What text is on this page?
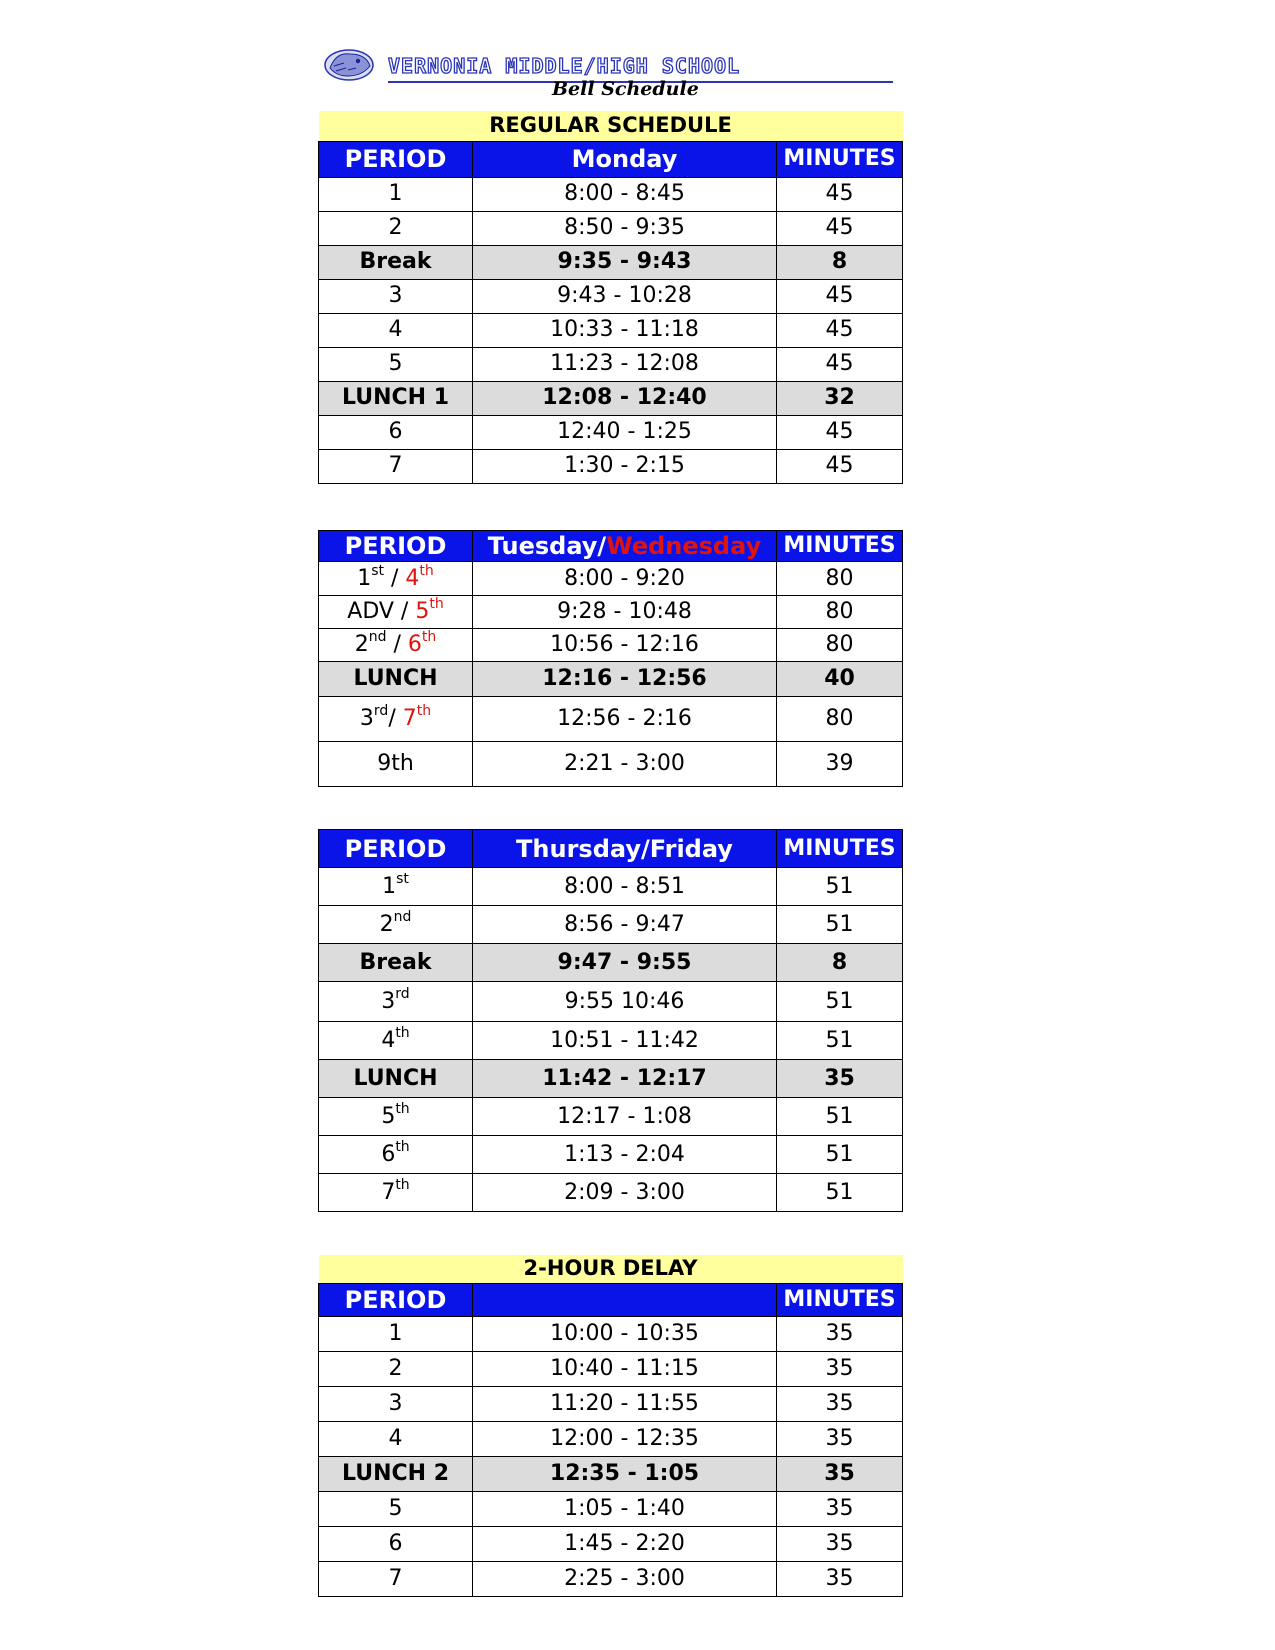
VERNONIA MIDDLE/HIGH SCHOOL
Bell Schedule
REGULAR SCHEDULE		
PERIOD	Monday	MINUTES
1	8:00 - 8:45	45
2	8:50 - 9:35	45
Break	9:35 - 9:43	8
3	9:43 - 10:28	45
4	10:33 - 11:18	45
5	11:23 - 12:08	45
LUNCH 1	12:08 - 12:40	32
6	12:40 - 1:25	45
7	1:30 - 2:15	45
PERIOD	Tuesday/Wednesday	MINUTES
1st / 4th	8:00 - 9:20	80
ADV / 5th	9:28 - 10:48	80
2nd / 6th	10:56 - 12:16	80
LUNCH	12:16 - 12:56	40
3rd/ 7th	12:56 - 2:16	80
9th	2:21 - 3:00	39
PERIOD	Thursday/Friday	MINUTES
1st	8:00 - 8:51	51
2nd	8:56 - 9:47	51
Break	9:47 - 9:55	8
3rd	9:55 10:46	51
4th	10:51 - 11:42	51
LUNCH	11:42 - 12:17	35
5th	12:17 - 1:08	51
6th	1:13 - 2:04	51
7th	2:09 - 3:00	51
2-HOUR DELAY		
PERIOD		MINUTES
1	10:00 - 10:35	35
2	10:40 - 11:15	35
3	11:20 - 11:55	35
4	12:00 - 12:35	35
LUNCH 2	12:35 - 1:05	35
5	1:05 - 1:40	35
6	1:45 - 2:20	35
7	2:25 - 3:00	35
